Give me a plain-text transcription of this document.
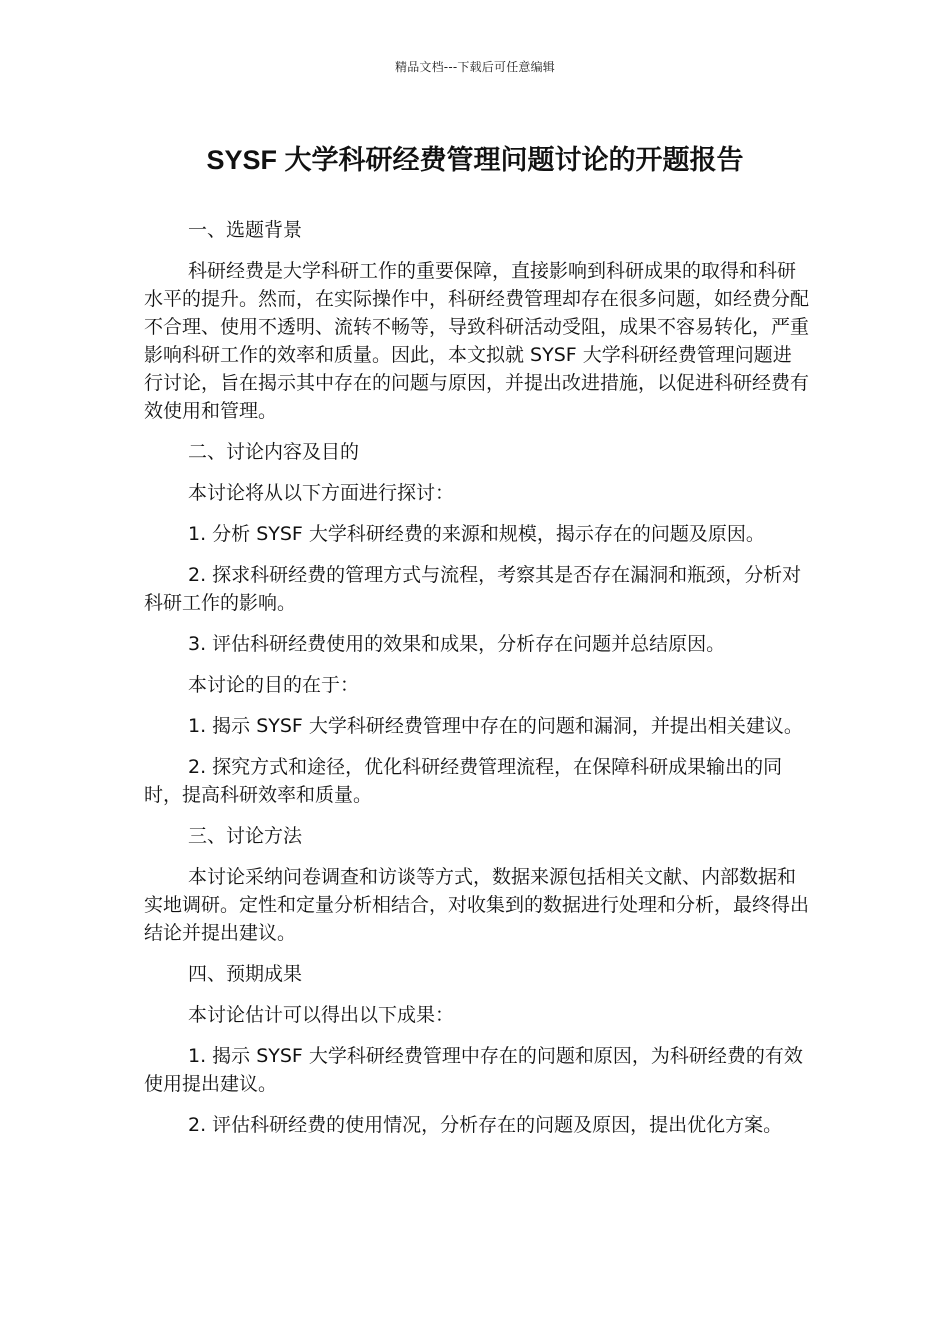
精品文档---下载后可任意编辑
SYSF 大学科研经费管理问题讨论的开题报告

一、选题背景

科研经费是大学科研工作的重要保障，直接影响到科研成果的取得和科研水平的提升。然而，在实际操作中，科研经费管理却存在很多问题，如经费分配不合理、使用不透明、流转不畅等，导致科研活动受阻，成果不容易转化，严重影响科研工作的效率和质量。因此，本文拟就 SYSF 大学科研经费管理问题进行讨论，旨在揭示其中存在的问题与原因，并提出改进措施，以促进科研经费有效使用和管理。

二、讨论内容及目的

本讨论将从以下方面进行探讨：

1. 分析 SYSF 大学科研经费的来源和规模，揭示存在的问题及原因。

2. 探求科研经费的管理方式与流程，考察其是否存在漏洞和瓶颈，分析对科研工作的影响。

3. 评估科研经费使用的效果和成果，分析存在问题并总结原因。

本讨论的目的在于：

1. 揭示 SYSF 大学科研经费管理中存在的问题和漏洞，并提出相关建议。

2. 探究方式和途径，优化科研经费管理流程，在保障科研成果输出的同时，提高科研效率和质量。

三、讨论方法

本讨论采纳问卷调查和访谈等方式，数据来源包括相关文献、内部数据和实地调研。定性和定量分析相结合，对收集到的数据进行处理和分析，最终得出结论并提出建议。

四、预期成果

本讨论估计可以得出以下成果：

1. 揭示 SYSF 大学科研经费管理中存在的问题和原因，为科研经费的有效使用提出建议。

2. 评估科研经费的使用情况，分析存在的问题及原因，提出优化方案。
